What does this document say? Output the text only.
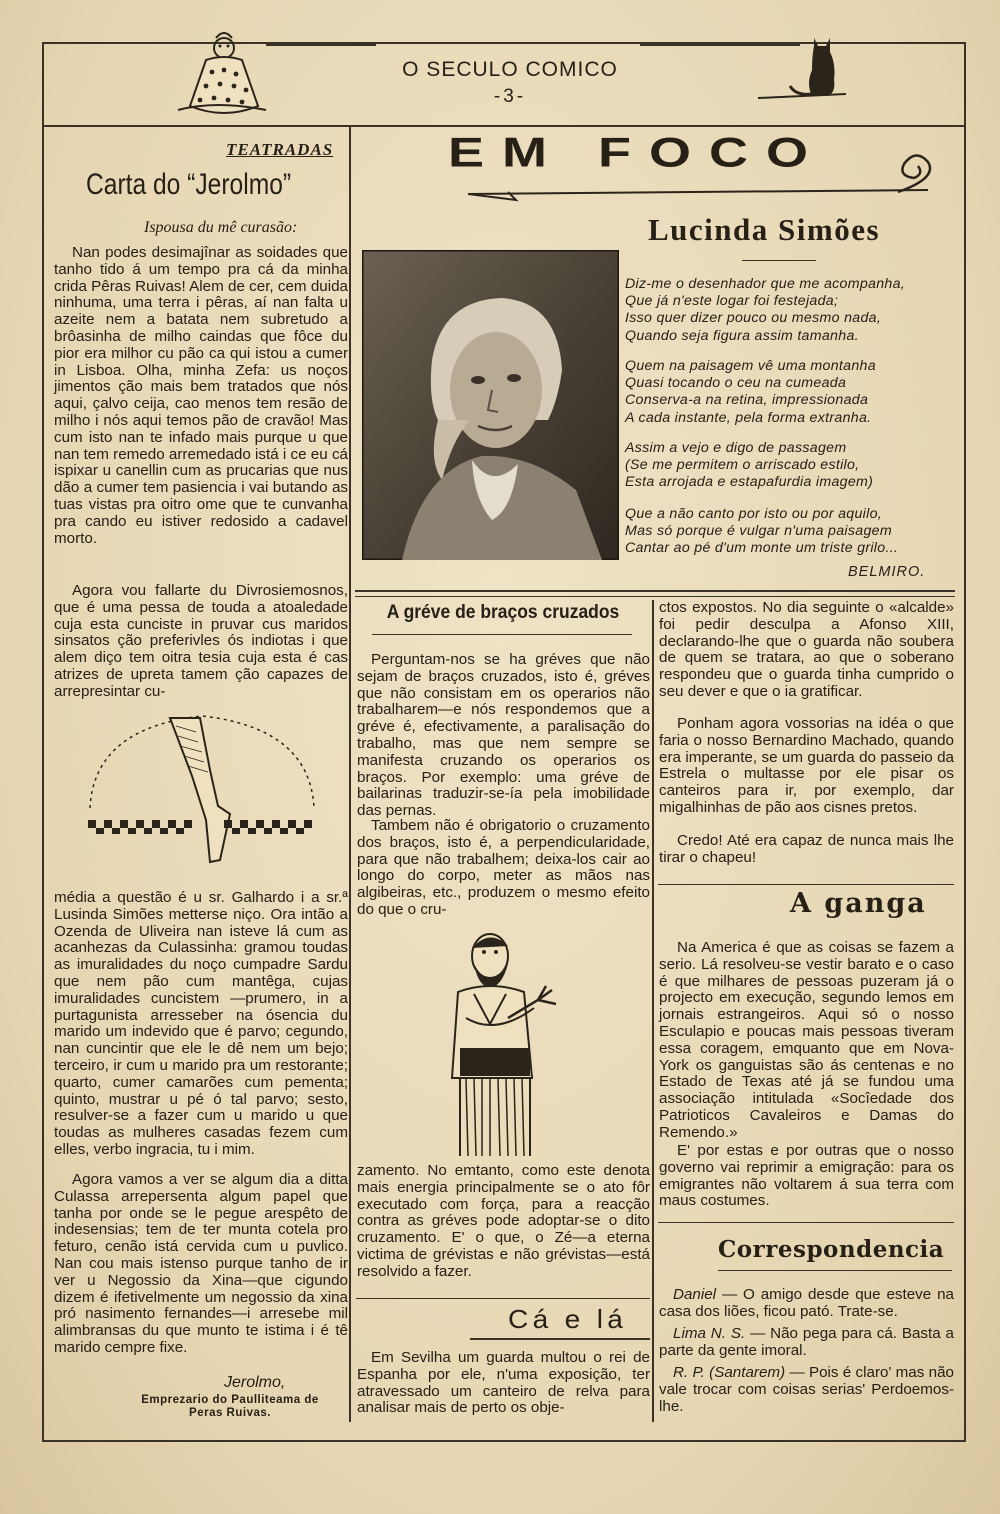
O SECULO COMICO
-3-
TEATRADAS
Carta do “Jerolmo”
Ispousa du mê curasão:

Nan podes desimajînar as soidades que tanho tido á um tempo pra cá da minha crida Pêras Ruivas! Alem de cer, cem duida ninhuma, uma terra i pêras, aí nan falta u azeite nem a batata nem subretudo a brôasinha de milho caindas que fôce du pior era milhor cu pão ca qui istou a cumer in Lisboa. Olha, minha Zefa: us noços jimentos ção mais bem tratados que nós aqui, çalvo ceija, cao menos tem resão de milho i nós aqui temos pão de cravão! Mas cum isto nan te infado mais purque u que nan tem remedo arremedado istá i ce eu cá ispixar u canellin cum as prucarias que nus dão a cumer tem pasiencia i vai butando as tuas vistas pra oitro ome que te cunvanha pra cando eu istiver redosido a cadavel morto.

Agora vou fallarte du Divrosiemosnos, que é uma pessa de touda a atoaledade cuja esta cunciste in pruvar cus maridos sinsatos ção preferivles ós indiotas i que alem diço tem oitra tesia cuja esta é cas atrizes de upreta tamem ção capazes de arrepresintar cu-

média a questão é u sr. Galhardo i a sr.ª Lusinda Simões metterse niço. Ora intão a Ozenda de Uliveira nan isteve lá cum as acanhezas da Culassinha: gramou toudas as imuralidades du noço cumpadre Sardu que nem pão cum mantêga, cujas imuralidades cuncistem —prumero, in a purtagunista arresseber na ósencia du marido um indevido que é parvo; cegundo, nan cuncintir que ele le dê nem um bejo; terceiro, ir cum u marido pra um restorante; quarto, cumer camarões cum pementa; quinto, mustrar u pé ó tal parvo; sesto, resulver-se a fazer cum u marido u que toudas as mulheres casadas fezem cum elles, verbo ingracia, tu i mim.

Agora vamos a ver se algum dia a ditta Culassa arrepersenta algum papel que tanha por onde se le pegue arespêto de indesensias; tem de ter munta cotela pro feturo, cenão istá cervida cum u puvlico. Nan cou mais istenso purque tanho de ir ver u Negossio da Xina—que cigundo dizem é ifetivelmente um negossio da xina pró nasimento fernandes—i arresebe mil alimbransas du que munto te istima i é tê marido cempre fixe.

Jerolmo,
Emprezario do Paulliteama de Peras Ruivas.
EM FOCO
Lucinda Simões

Diz-me o desenhador que me acompanha,
Que já n'este logar foi festejada;
Isso quer dizer pouco ou mesmo nada,
Quando seja figura assim tamanha.

Quem na paisagem vê uma montanha
Quasi tocando o ceu na cumeada
Conserva-a na retina, impressionada
A cada instante, pela forma extranha.

Assim a vejo e digo de passagem
(Se me permitem o arriscado estilo,
Esta arrojada e estapafurdia imagem)

Que a não canto por isto ou por aquilo,
Mas só porque é vulgar n'uma paisagem
Cantar ao pé d'um monte um triste grilo...

BELMIRO.
A gréve de braços cruzados

Perguntam-nos se ha gréves que não sejam de braços cruzados, isto é, gréves que não consistam em os operarios não trabalharem—e nós respondemos que a gréve é, efectivamente, a paralisação do trabalho, mas que nem sempre se manifesta cruzando os operarios os braços. Por exemplo: uma gréve de bailarinas traduzir-se-ía pela imobilidade das pernas.

Tambem não é obrigatorio o cruzamento dos braços, isto é, a perpendicularidade, para que não trabalhem; deixa-los cair ao longo do corpo, meter as mãos nas algibeiras, etc., produzem o mesmo efeito do que o cru-

zamento. No emtanto, como este denota mais energia principalmente se o ato fôr executado com força, para a reacção contra as gréves pode adoptar-se o dito cruzamento. E' o que, o Zé—a eterna victima de grévistas e não grévistas—está resolvido a fazer.

Cá e lá

Em Sevilha um guarda multou o rei de Espanha por ele, n'uma exposição, ter atravessado um canteiro de relva para analisar mais de perto os obje-

ctos expostos. No dia seguinte o «alcalde» foi pedir desculpa a Afonso XIII, declarando-lhe que o guarda não soubera de quem se tratara, ao que o soberano respondeu que o guarda tinha cumprido o seu dever e que o ia gratificar.

Ponham agora vossorias na idéa o que faria o nosso Bernardino Machado, quando era imperante, se um guarda do passeio da Estrela o multasse por ele pisar os canteiros para ir, por exemplo, dar migalhinhas de pão aos cisnes pretos.

Credo! Até era capaz de nunca mais lhe tirar o chapeu!

A ganga

Na America é que as coisas se fazem a serio. Lá resolveu-se vestir barato e o caso é que milhares de pessoas puzeram já o projecto em execução, segundo lemos em jornais estrangeiros. Aqui só o nosso Esculapio e poucas mais pessoas tiveram essa coragem, emquanto que em Nova-York os ganguistas são ás centenas e no Estado de Texas até já se fundou uma associação intitulada «Socîedade dos Patrioticos Cavaleiros e Damas do Remendo.»

E' por estas e por outras que o nosso governo vai reprimir a emigração: para os emigrantes não voltarem á sua terra com maus costumes.

Correspondencia

Daniel — O amigo desde que esteve na casa dos liões, ficou pató. Trate-se.

Lima N. S. — Não pega para cá. Basta a parte da gente imoral.

R. P. (Santarem) — Pois é claro' mas não vale trocar com coisas serias' Perdoemos-lhe.
